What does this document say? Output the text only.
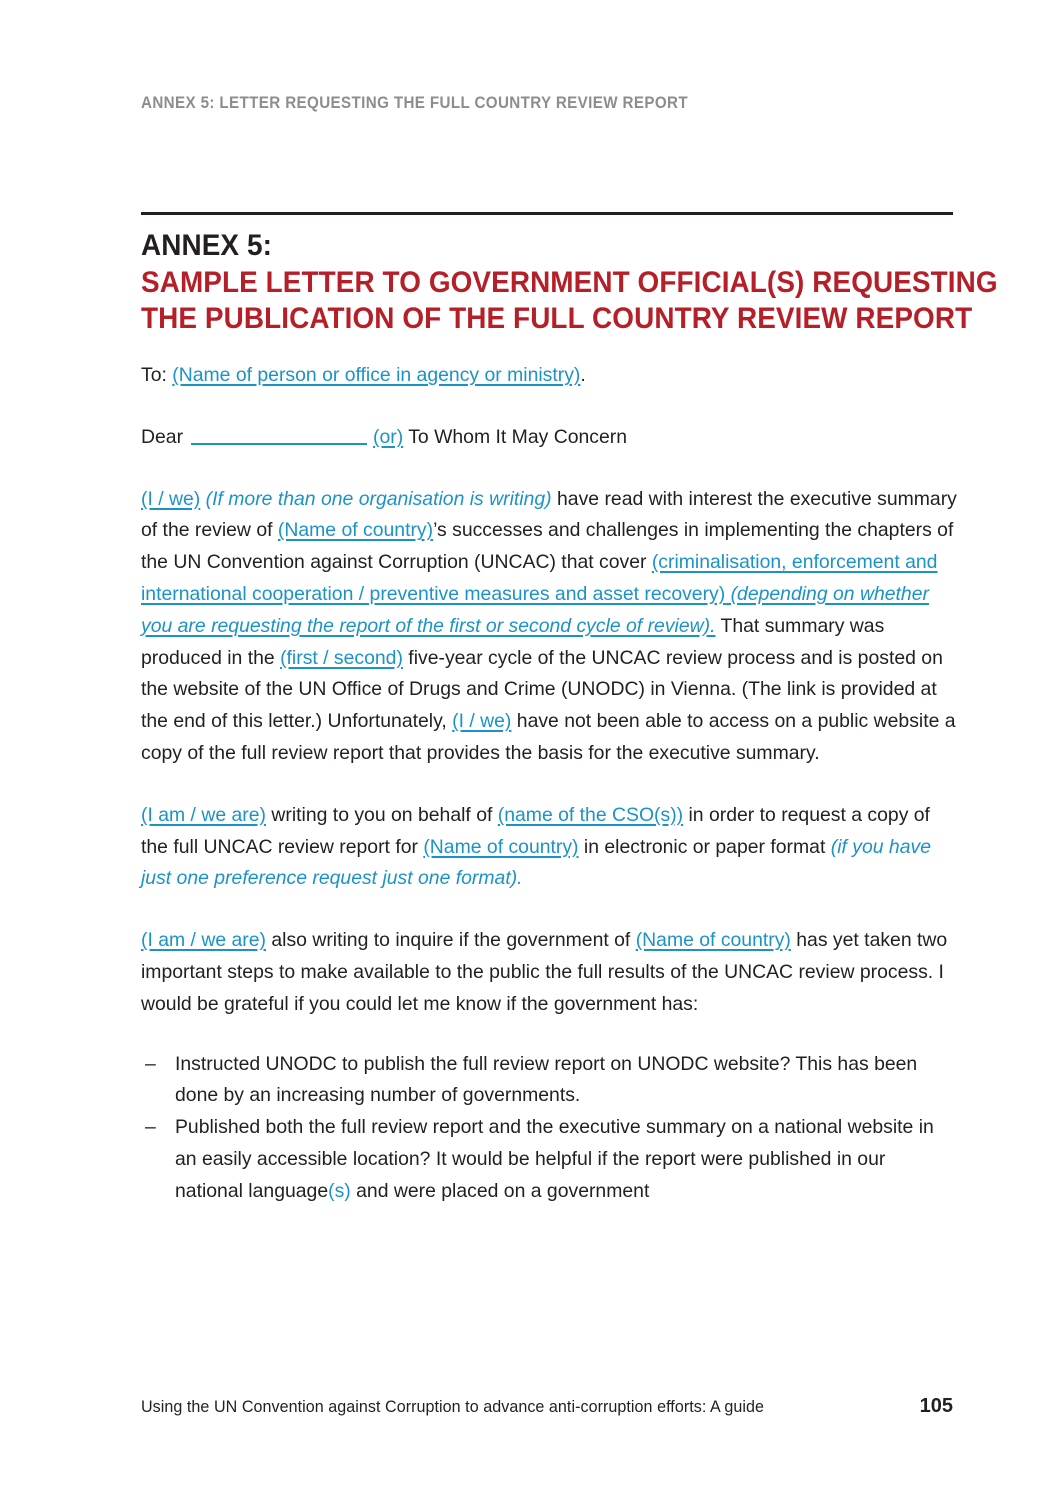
ANNEX 5: LETTER REQUESTING THE FULL COUNTRY REVIEW REPORT
ANNEX 5:
SAMPLE LETTER TO GOVERNMENT OFFICIAL(S) REQUESTING
THE PUBLICATION OF THE FULL COUNTRY REVIEW REPORT

To: (Name of person or office in agency or ministry).

Dear	(or) To Whom It May Concern

(I / we) (If more than one organisation is writing) have read with interest the executive summary of the review of (Name of country)’s successes and challenges in implementing the chapters of the UN Convention against Corruption (UNCAC) that cover (criminalisation, enforcement and international cooperation / preventive measures and asset recovery) (depending on whether you are requesting the report of the first or second cycle of review). That summary was produced in the (first / second) five-year cycle of the UNCAC review process and is posted on the website of the UN Office of Drugs and Crime (UNODC) in Vienna. (The link is provided at the end of this letter.) Unfortunately, (I / we) have not been able to access on a public website a copy of the full review report that provides the basis for the executive summary.

(I am / we are) writing to you on behalf of (name of the CSO(s)) in order to request a copy of the full UNCAC review report for (Name of country) in electronic or paper format (if you have just one preference request just one format).

(I am / we are) also writing to inquire if the government of (Name of country) has yet taken two important steps to make available to the public the full results of the UNCAC review process. I would be grateful if you could let me know if the government has:

– Instructed UNODC to publish the full review report on UNODC website? This has been done by an increasing number of governments.
– Published both the full review report and the executive summary on a national website in an easily accessible location? It would be helpful if the report were published in our national language(s) and were placed on a government
Using the UN Convention against Corruption to advance anti-corruption efforts: A guide	105
